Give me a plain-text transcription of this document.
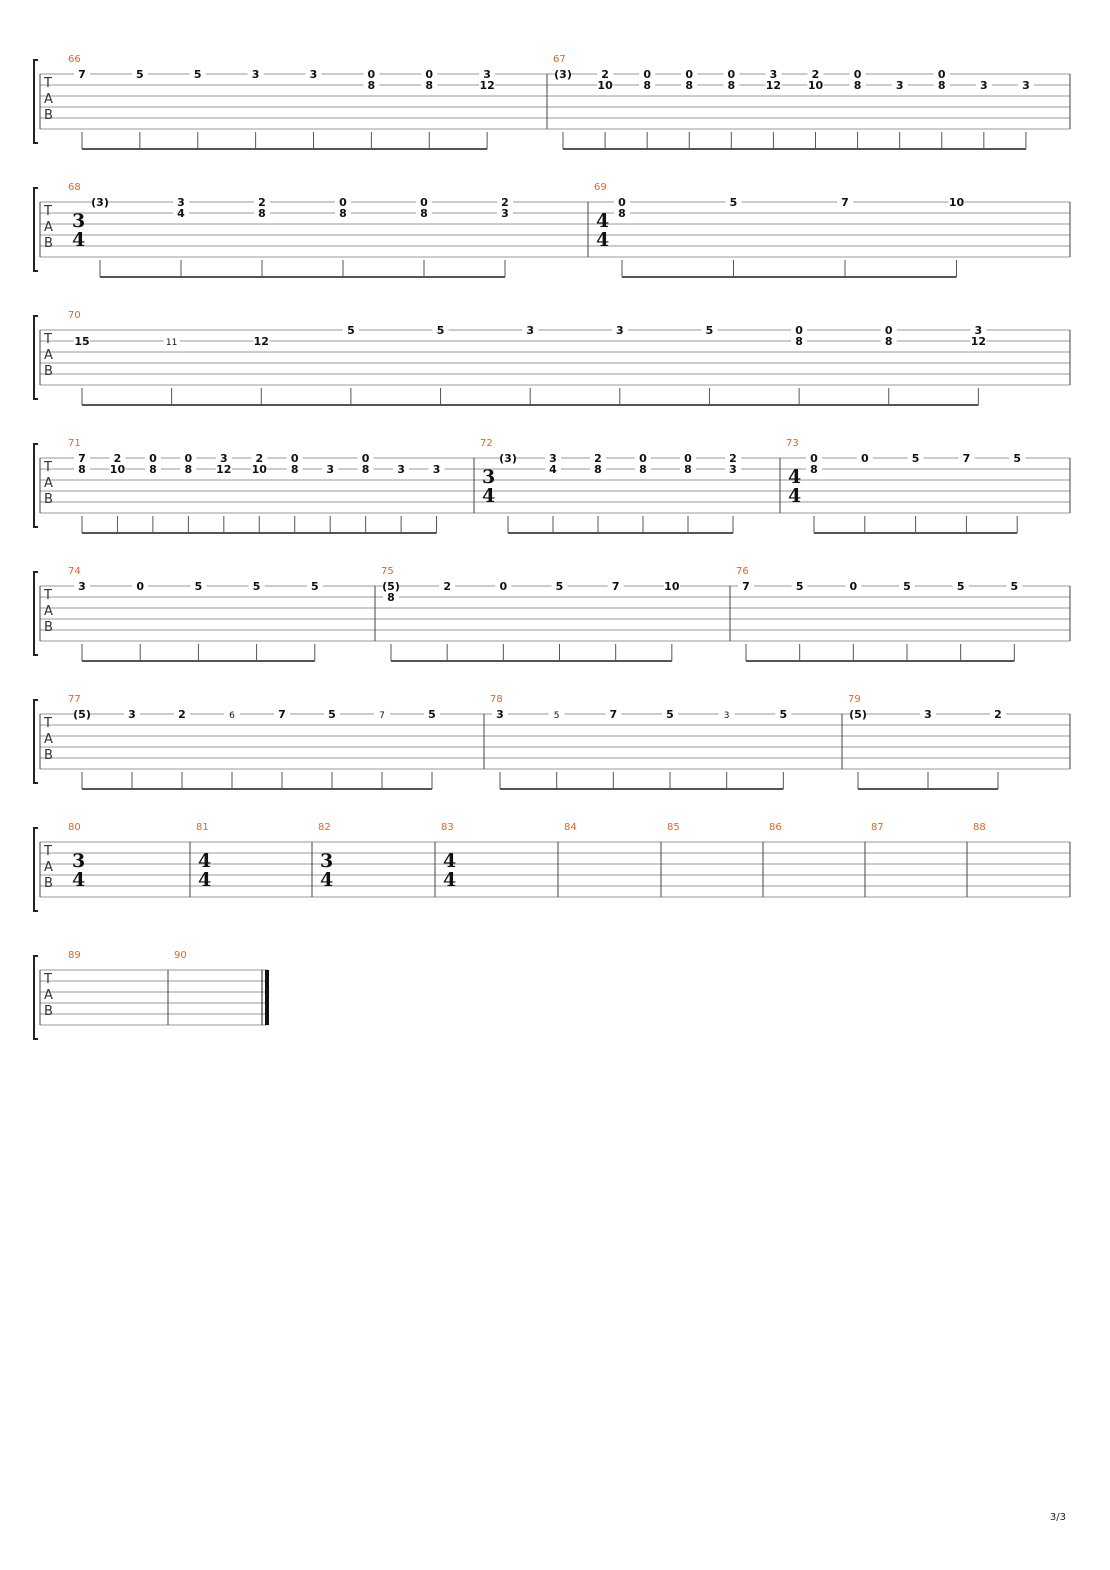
T
A
B
66
7	5	5	3	3	0
8
0
8
3
12
67
(3)	2
10
0
8
0
8
0
8
3
12
2
10
0
8	3
0
8	3	3
T
A
B
68
3
4
(3)	3
4
2
8
0
8
0
8
2
3
69
4
4
0
8
5	7	10
T
A
B
70
15	11	12
5	5	3	3	5	0
8
0
8
3
12
T
A
B
71
7
8
2
10
0
8
0
8
3
12
2
10
0
8	3
0
8	3	3
72
3
4
(3)	3
4
2
8
0
8
0
8
2
3
73
4
4
0
8
0	5	7	5
T
A
B
74
3	0	5	5	5
75
(5)
8
2	0	5	7	10
76
7	5	0	5	5	5
T
A
B
77
(5)	3	2	6	7	5	7	5
78
3	5	7	5	3	5
79
(5)	3	2
T
A
B
80
3
4
81
4
4
82
3
4
83
4
4
84	85	86	87	88
T
A
B
89	90
3/3
